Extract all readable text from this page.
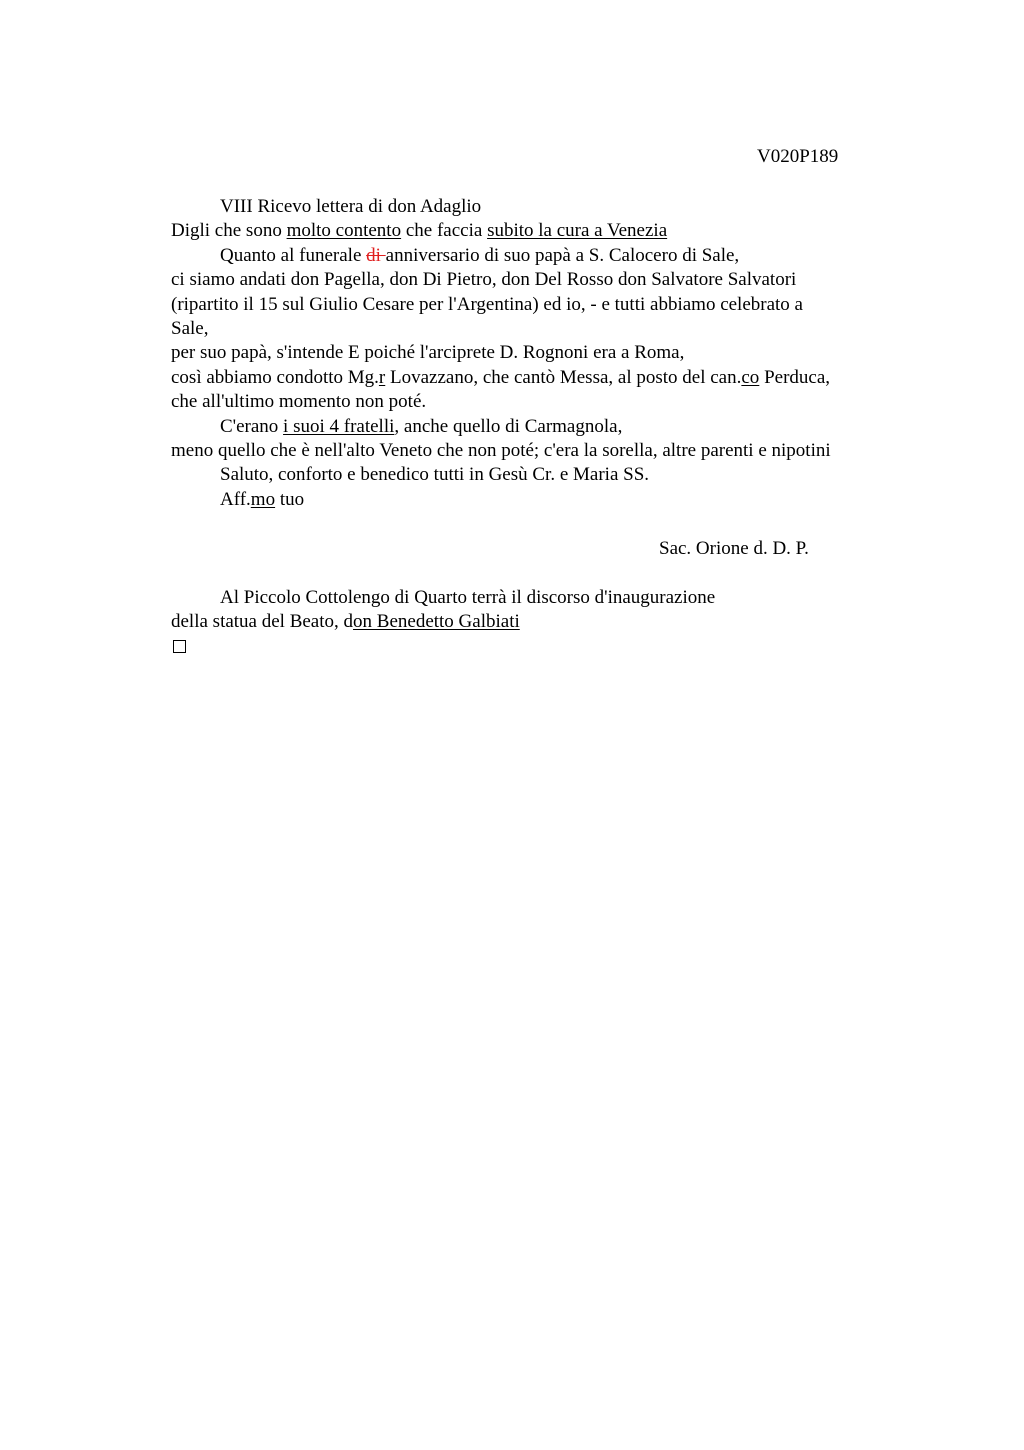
V020P189
VIII Ricevo lettera di don Adaglio
Digli che sono molto contento che faccia subito la cura a Venezia
Quanto al funerale di anniversario di suo papà a S. Calocero di Sale,
ci siamo andati don Pagella, don Di Pietro, don Del Rosso don Salvatore Salvatori
(ripartito il 15 sul Giulio Cesare per l'Argentina) ed io, - e tutti abbiamo celebrato a
Sale,
per suo papà, s'intende E poiché l'arciprete D. Rognoni era a Roma,
così abbiamo condotto Mg.r Lovazzano, che cantò Messa, al posto del can.co Perduca,
che all'ultimo momento non poté.
C'erano i suoi 4 fratelli, anche quello di Carmagnola,
meno quello che è nell'alto Veneto che non poté; c'era la sorella, altre parenti e nipotini
Saluto, conforto e benedico tutti in Gesù Cr. e Maria SS.
Aff.mo tuo
Sac. Orione d. D. P.
Al Piccolo Cottolengo di Quarto terrà il discorso d'inaugurazione
della statua del Beato, don Benedetto Galbiati
